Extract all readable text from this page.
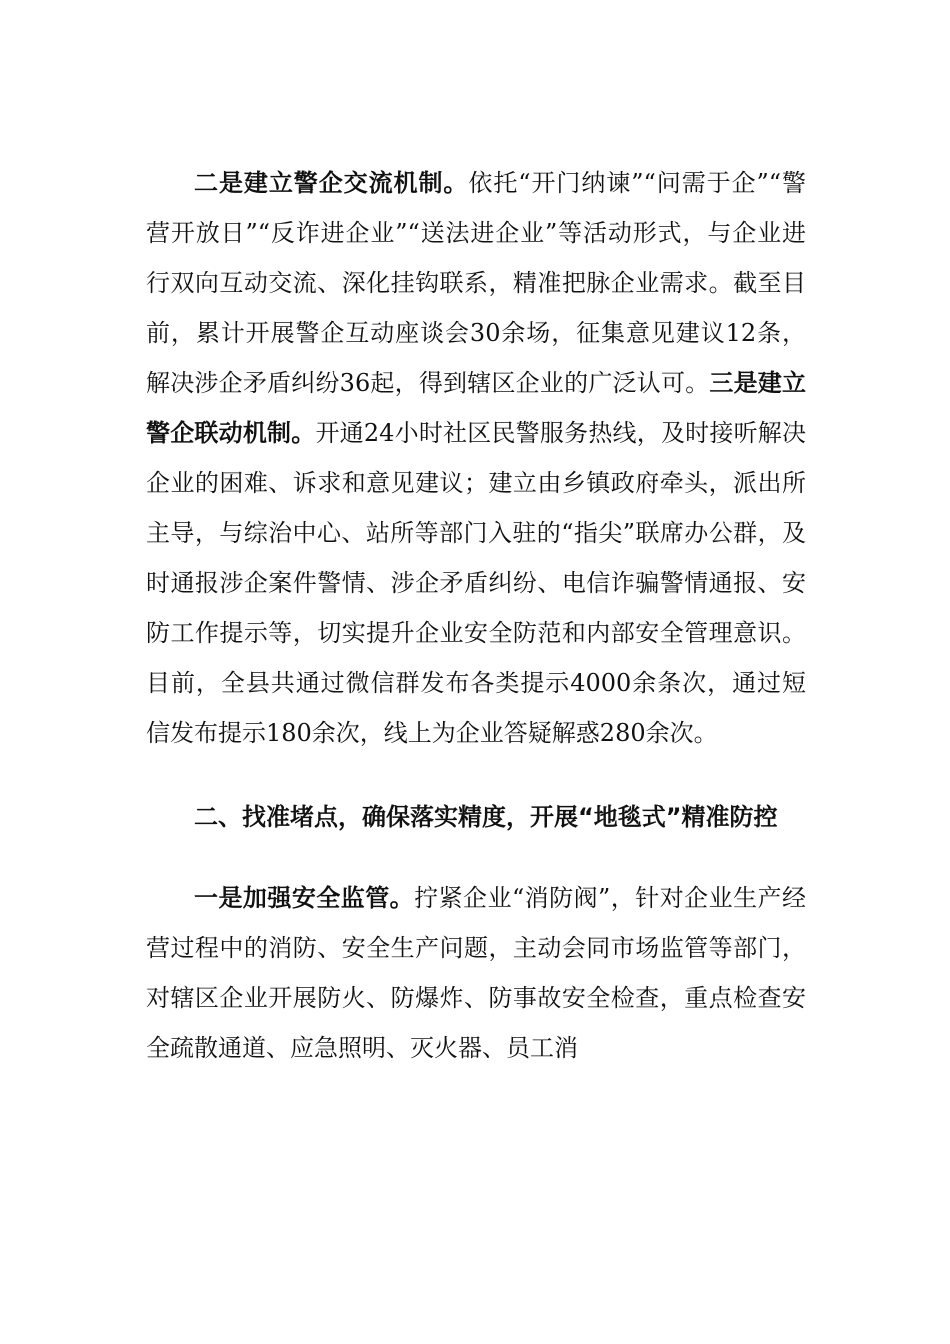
二是建立警企交流机制。依托“开门纳谏”“问需于企”“警营开放日”“反诈进企业”“送法进企业”等活动形式，与企业进行双向互动交流、深化挂钩联系，精准把脉企业需求。截至目前，累计开展警企互动座谈会30余场，征集意见建议12条，解决涉企矛盾纠纷36起，得到辖区企业的广泛认可。三是建立警企联动机制。开通24小时社区民警服务热线，及时接听解决企业的困难、诉求和意见建议；建立由乡镇政府牵头，派出所主导，与综治中心、站所等部门入驻的“指尖”联席办公群，及时通报涉企案件警情、涉企矛盾纠纷、电信诈骗警情通报、安防工作提示等，切实提升企业安全防范和内部安全管理意识。目前，全县共通过微信群发布各类提示4000余条次，通过短信发布提示180余次，线上为企业答疑解惑280余次。

二、找准堵点，确保落实精度，开展“地毯式”精准防控

一是加强安全监管。拧紧企业“消防阀”，针对企业生产经营过程中的消防、安全生产问题，主动会同市场监管等部门，对辖区企业开展防火、防爆炸、防事故安全检查，重点检查安全疏散通道、应急照明、灭火器、员工消
